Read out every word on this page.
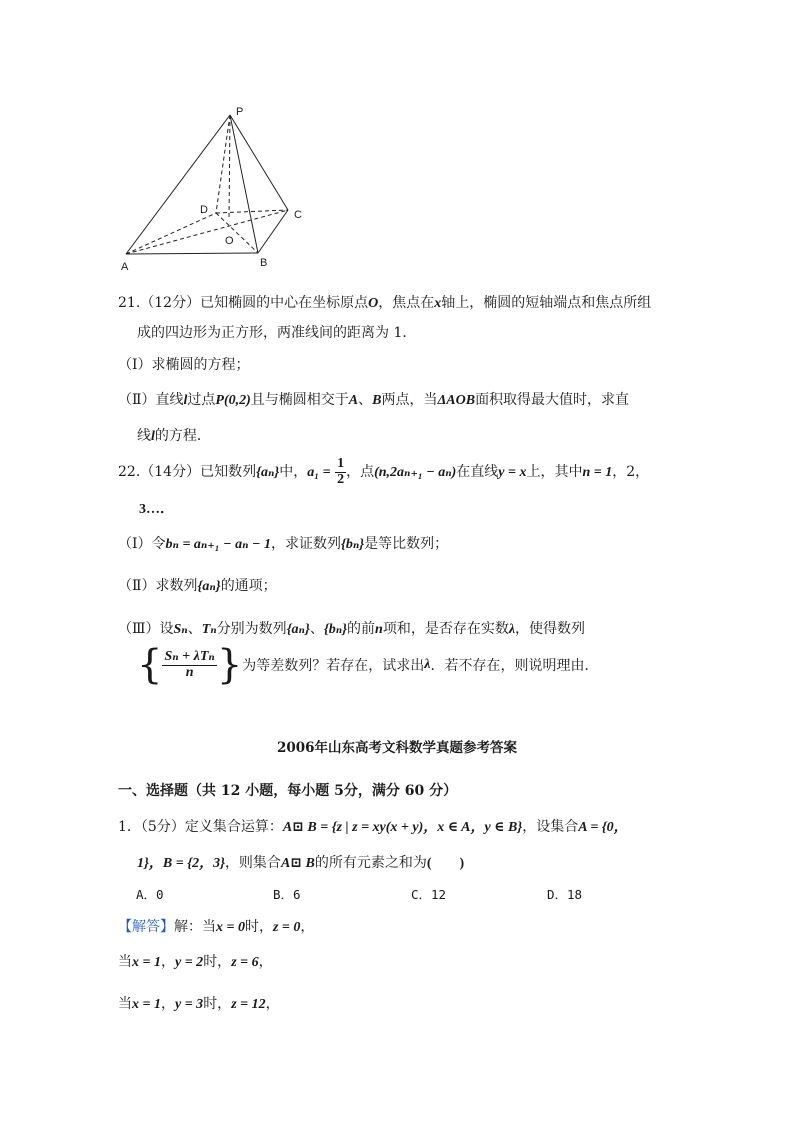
P
A	B
C
D
O
21.（12分）已知椭圆的中心在坐标原点O，焦点在x轴上，椭圆的短轴端点和焦点所组
成的四边形为正方形，两准线间的距离为 1．
（Ⅰ）求椭圆的方程；
（Ⅱ）直线l过点P(0,2)且与椭圆相交于A、B两点，当ΔAOB面积取得最大值时，求直
线l的方程．
22.（14分）已知数列{aₙ}中，$a_1 = \frac{1}{2}$ ，点(n,2aₙ₊₁ − aₙ)在直线y = x上，其中n = 1，2，
3…．
（Ⅰ）令bₙ = aₙ₊₁ − aₙ − 1，求证数列{bₙ}是等比数列；
（Ⅱ）求数列{aₙ}的通项；
（Ⅲ）设Sₙ、Tₙ分别为数列{aₙ}、{bₙ}的前n项和，是否存在实数λ，使得数列
{ $\frac{\text{Sₙ + λTₙ}}{n}$ }为等差数列？若存在，试求出λ．若不存在，则说明理由．
2006年山东高考文科数学真题参考答案
一、选择题（共 12 小题，每小题 5分，满分 60 分）
1．（5分）定义集合运算：A⊡ B = {z | z = xy(x + y)，x ∈ A，y ∈ B}，设集合A = {0，
1}，B = {2，3}，则集合A⊡ B的所有元素之和为(　　)
A．0	B．6	C．12	D．18
【解答】解：当x = 0时，z = 0，
当x = 1，y = 2时，z = 6，
当x = 1，y = 3时，z = 12，
